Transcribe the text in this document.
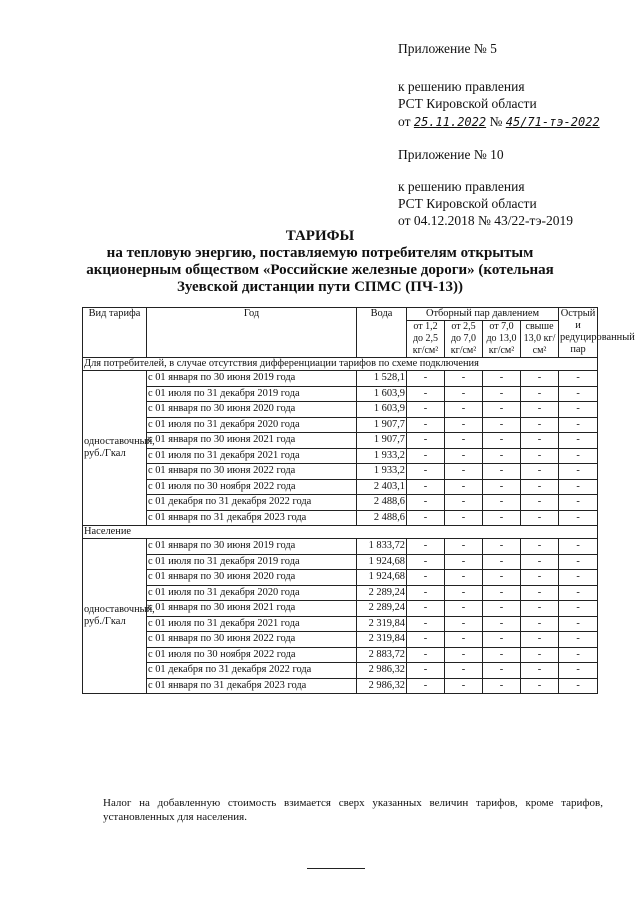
Приложение № 5
к решению правления
РСТ Кировской области
от 25.11.2022 № 45/71-тэ-2022
Приложение № 10
к решению правления
РСТ Кировской области
от 04.12.2018 № 43/22-тэ-2019
ТАРИФЫ
на тепловую энергию, поставляемую потребителям открытым
акционерным обществом «Российские железные дороги» (котельная
Зуевской дистанции пути СПМС (ПЧ-13))
Вид тарифа	Год	Вода	Отборный пар давлением				Острый и редуцированный пар
			от 1,2 до 2,5 кг/см²	от 2,5 до 7,0 кг/см²	от 7,0 до 13,0 кг/см²	свыше 13,0 кг/см²	
Для потребителей, в случае отсутствия дифференциации тарифов по схеме подключения							
одноставочный, руб./Гкал	с 01 января по 30 июня 2019 года	1 528,1	-	-	-	-	-
	с 01 июля по 31 декабря 2019 года	1 603,9	-	-	-	-	-
	с 01 января по 30 июня 2020 года	1 603,9	-	-	-	-	-
	с 01 июля по 31 декабря 2020 года	1 907,7	-	-	-	-	-
	с 01 января по 30 июня 2021 года	1 907,7	-	-	-	-	-
	с 01 июля по 31 декабря 2021 года	1 933,2	-	-	-	-	-
	с 01 января по 30 июня 2022 года	1 933,2	-	-	-	-	-
	с 01 июля по 30 ноября 2022 года	2 403,1	-	-	-	-	-
	с 01 декабря по 31 декабря 2022 года	2 488,6	-	-	-	-	-
	с 01 января по 31 декабря 2023 года	2 488,6	-	-	-	-	-
Население							
одноставочный, руб./Гкал	с 01 января по 30 июня 2019 года	1 833,72	-	-	-	-	-
	с 01 июля по 31 декабря 2019 года	1 924,68	-	-	-	-	-
	с 01 января по 30 июня 2020 года	1 924,68	-	-	-	-	-
	с 01 июля по 31 декабря 2020 года	2 289,24	-	-	-	-	-
	с 01 января по 30 июня 2021 года	2 289,24	-	-	-	-	-
	с 01 июля по 31 декабря 2021 года	2 319,84	-	-	-	-	-
	с 01 января по 30 июня 2022 года	2 319,84	-	-	-	-	-
	с 01 июля по 30 ноября 2022 года	2 883,72	-	-	-	-	-
	с 01 декабря по 31 декабря 2022 года	2 986,32	-	-	-	-	-
	с 01 января по 31 декабря 2023 года	2 986,32	-	-	-	-	-
Налог на добавленную стоимость взимается сверх указанных величин тарифов, кроме тарифов, установленных для населения.
